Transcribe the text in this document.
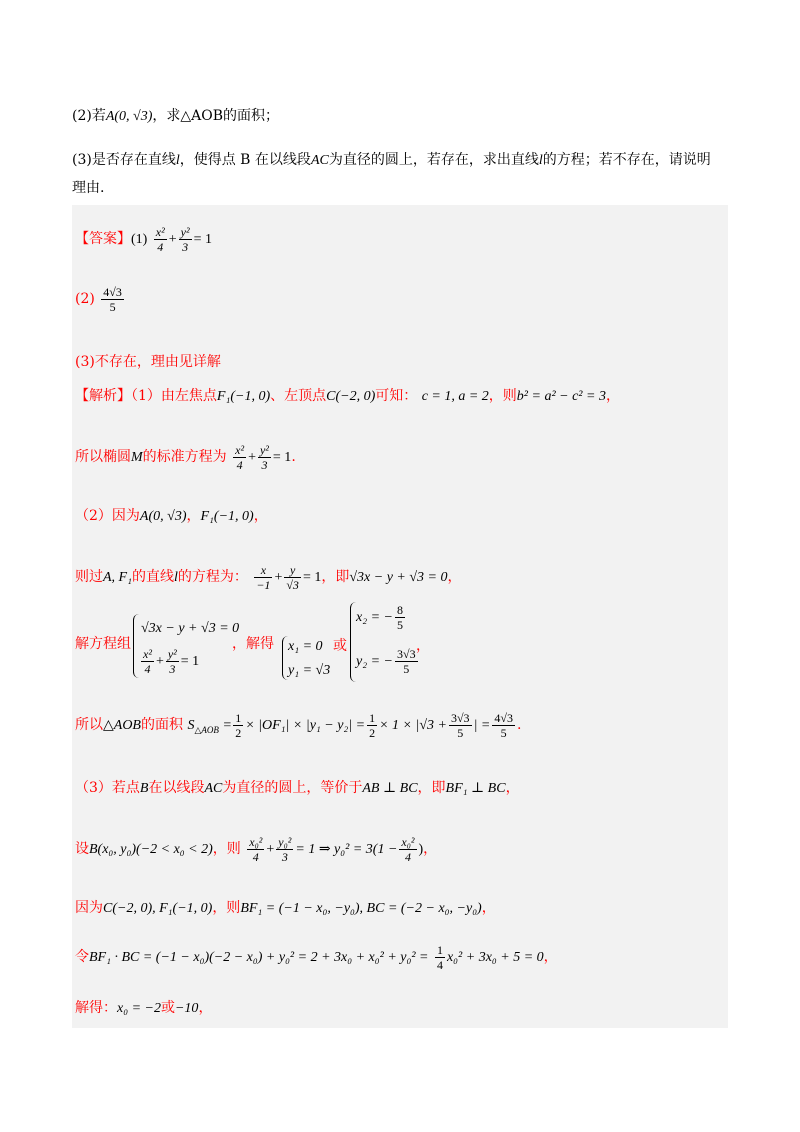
(2)若A(0, √3)，求△AOB的面积；
(3)是否存在直线l，使得点 B 在以线段AC为直径的圆上，若存在，求出直线l的方程；若不存在，请说明
理由.
【答案】$(1) \frac{\text{x²}}{4} + \frac{\text{y²}}{3} = 1$
$(2) \frac{4√3}{5}$
(3)不存在，理由见详解
【解析】（1）由左焦点F₁(−1, 0)、左顶点C(−2, 0)可知： c = 1, a = 2，则b² = a² − c² = 3，
所以椭圆M的标准方程为 $\frac{\text{x²}}{4} + \frac{\text{y²}}{3} = 1$.
（2）因为A(0, √3)，F₁(−1, 0)，
则过A, F₁的直线l的方程为： $\frac{x}{-1} + \frac{y}{√3} = 1$，即√3x − y + √3 = 0，
解方程组
√3x − y + √3 = 0
$\frac{\text{x²}}{4} + \frac{\text{y²}}{3} = 1$
，解得 x₁ = 0
y₁ = √3
或
x₂ = − $\frac{8}{5}$
y₂ = − $\frac{3√3}{5}$
，
所以△AOB的面积 $S_{\triangle AOB} = \frac{1}{2} \times |OF_1| \times |y_1 - y_2| = \frac{1}{2} \times 1 \times |√3 + \frac{3√3}{5}$ | = $\frac{4√3}{5}$ .
（3）若点B在以线段AC为直径的圆上，等价于AB ⊥ BC，即BF₁ ⊥ BC，
设B(x₀, y₀)(−2 < x₀ < 2)，则 $\frac{\text{x₀²}}{4} + \frac{\text{y₀²}}{3} = 1$ ⇒ $y_0^2 = 3(1 - \frac{\text{x₀²}}{4}$ )，
因为C(−2, 0), F₁(−1, 0)，则BF₁ = (−1 − x₀, −y₀), BC = (−2 − x₀, −y₀)，
令BF₁ · BC = $(-1 - x_0)(-2 - x_0) + y_0^2 = 2 + 3x_0 + x_0^2 + y_0^2 = \frac{1}{4} x_0^2 + 3x_0 + 5 = 0$，
解得：x₀ = −2或−10，
